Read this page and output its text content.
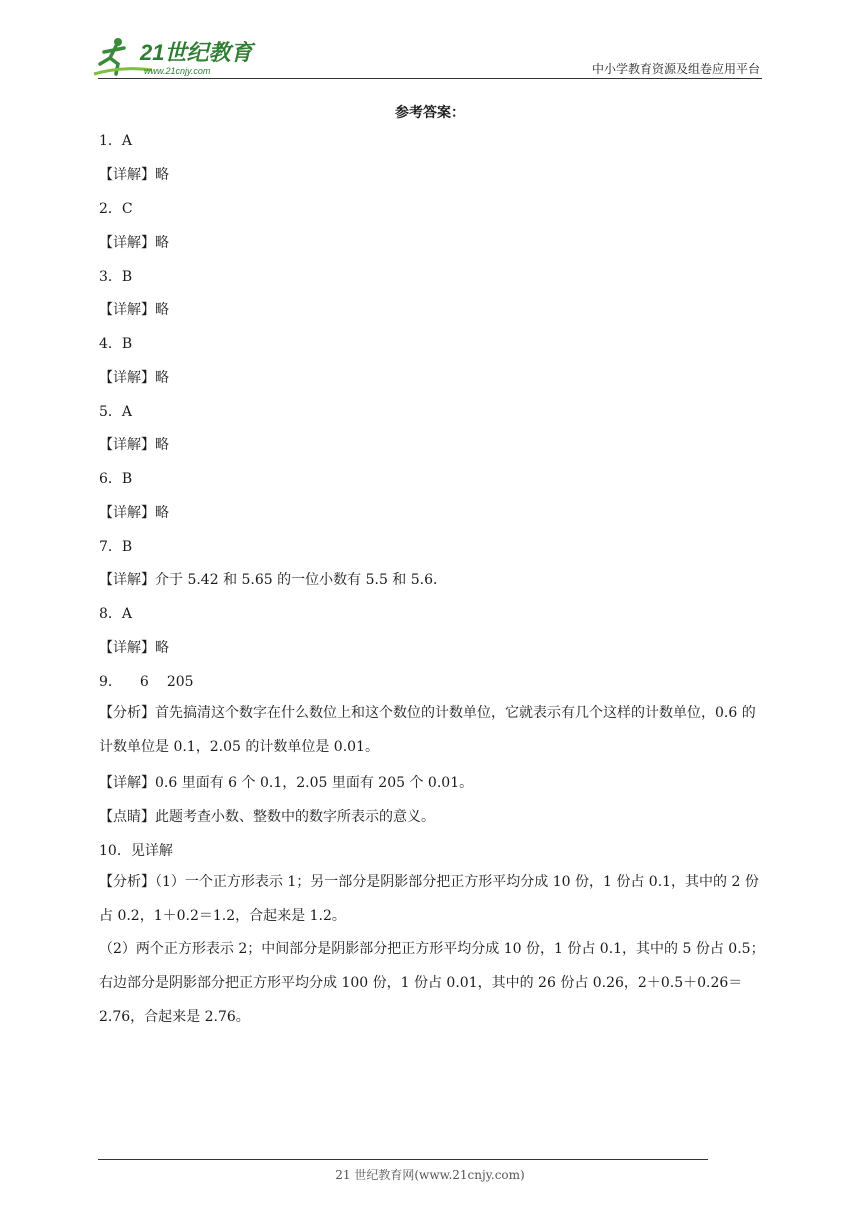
21世纪教育
www.21cnjy.com	中小学教育资源及组卷应用平台
参考答案：
1．A
【详解】略
2．C
【详解】略
3．B
【详解】略
4．B
【详解】略
5．A
【详解】略
6．B
【详解】略
7．B
【详解】介于 5.42 和 5.65 的一位小数有 5.5 和 5.6．
8．A
【详解】略
9． 6 205
【分析】首先搞清这个数字在什么数位上和这个数位的计数单位，它就表示有几个这样的计数单位，0.6 的计数单位是 0.1，2.05 的计数单位是 0.01。
【详解】0.6 里面有 6 个 0.1，2.05 里面有 205 个 0.01。
【点睛】此题考查小数、整数中的数字所表示的意义。
10．见详解
【分析】（1）一个正方形表示 1；另一部分是阴影部分把正方形平均分成 10 份，1 份占 0.1，其中的 2 份占 0.2，1＋0.2＝1.2，合起来是 1.2。
（2）两个正方形表示 2；中间部分是阴影部分把正方形平均分成 10 份，1 份占 0.1，其中的 5 份占 0.5；右边部分是阴影部分把正方形平均分成 100 份，1 份占 0.01，其中的 26 份占 0.26，2＋0.5＋0.26＝2.76，合起来是 2.76。
21 世纪教育网(www.21cnjy.com)
